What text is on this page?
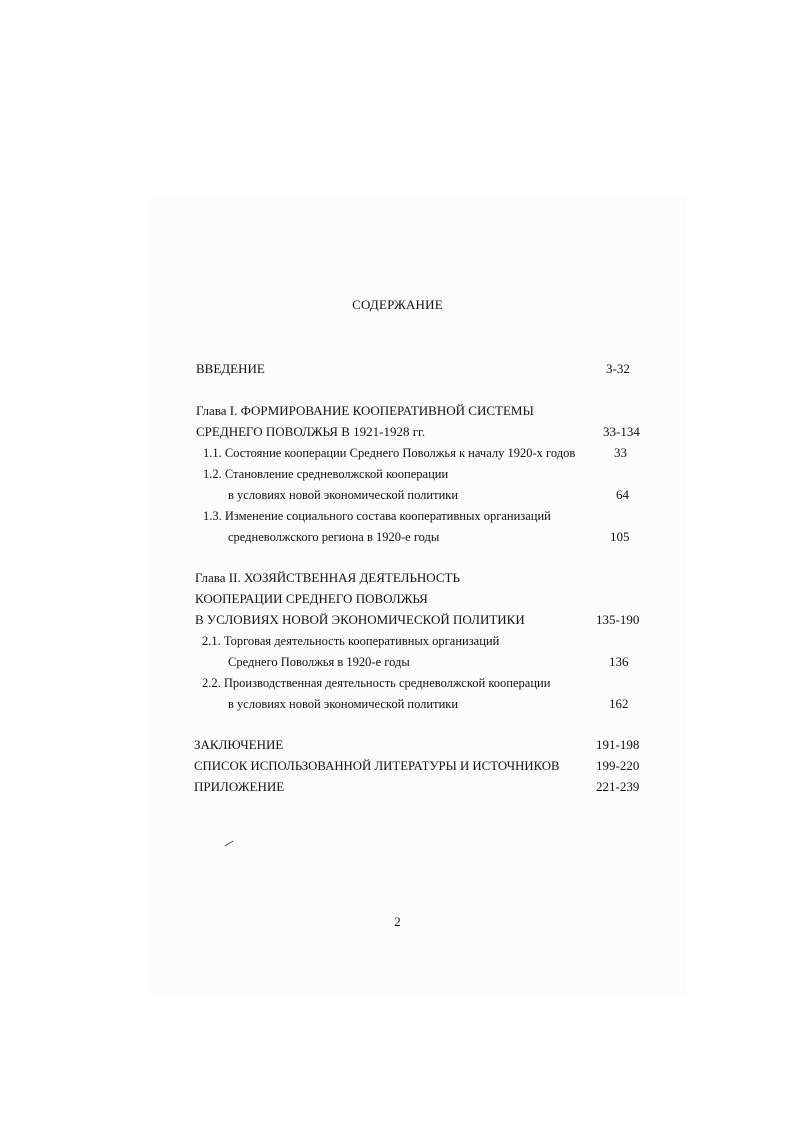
СОДЕРЖАНИЕ
ВВЕДЕНИЕ	3-32
Глава I. ФОРМИРОВАНИЕ КООПЕРАТИВНОЙ СИСТЕМЫ
СРЕДНЕГО ПОВОЛЖЬЯ В 1921-1928 гг.	33-134
1.1. Состояние кооперации Среднего Поволжья к началу 1920-х годов	33
1.2. Становление средневолжской кооперации
в условиях новой экономической политики	64
1.3. Изменение социального состава кооперативных организаций
средневолжского региона в 1920-е годы	105
Глава II. ХОЗЯЙСТВЕННАЯ ДЕЯТЕЛЬНОСТЬ
КООПЕРАЦИИ СРЕДНЕГО ПОВОЛЖЬЯ
В УСЛОВИЯХ НОВОЙ ЭКОНОМИЧЕСКОЙ ПОЛИТИКИ	135-190
2.1. Торговая деятельность кооперативных организаций
Среднего Поволжья в 1920-е годы	136
2.2. Производственная деятельность средневолжской кооперации
в условиях новой экономической политики	162
ЗАКЛЮЧЕНИЕ	191-198
СПИСОК ИСПОЛЬЗОВАННОЙ ЛИТЕРАТУРЫ И ИСТОЧНИКОВ	199-220
ПРИЛОЖЕНИЕ	221-239
2
